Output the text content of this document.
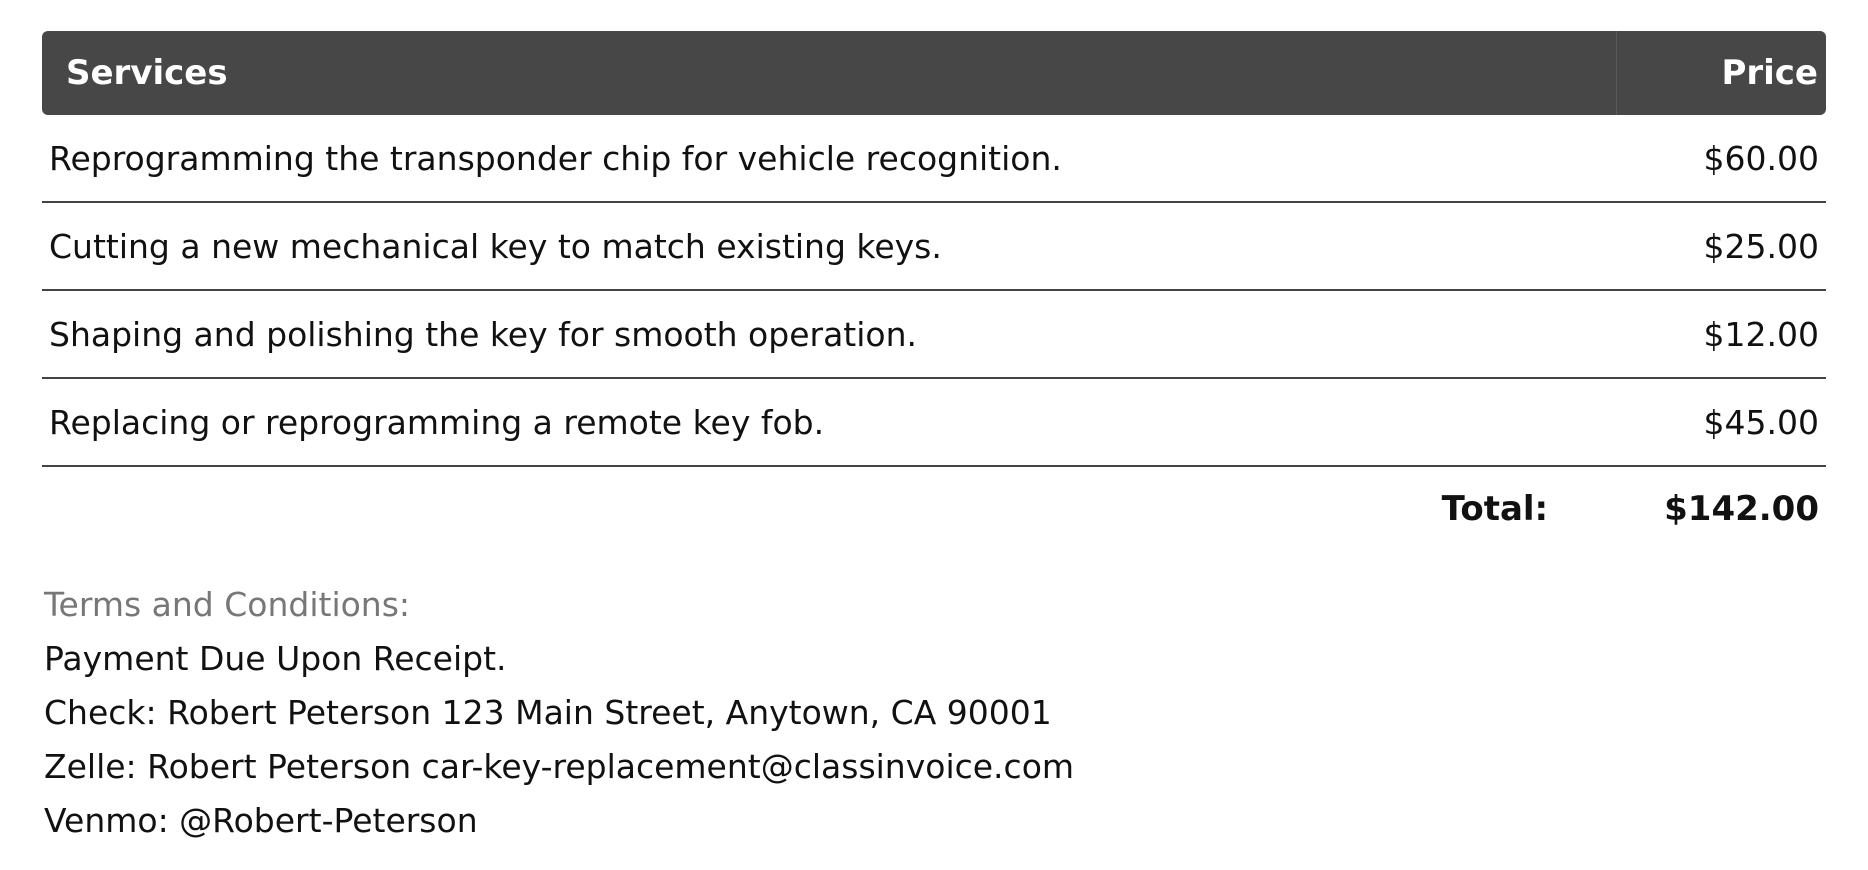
Services	Price
Reprogramming the transponder chip for vehicle recognition.	$60.00
Cutting a new mechanical key to match existing keys.	$25.00
Shaping and polishing the key for smooth operation.	$12.00
Replacing or reprogramming a remote key fob.	$45.00
Total:	$142.00
Terms and Conditions:
Payment Due Upon Receipt.
Check: Robert Peterson 123 Main Street, Anytown, CA 90001
Zelle: Robert Peterson car-key-replacement@classinvoice.com
Venmo: @Robert-Peterson
